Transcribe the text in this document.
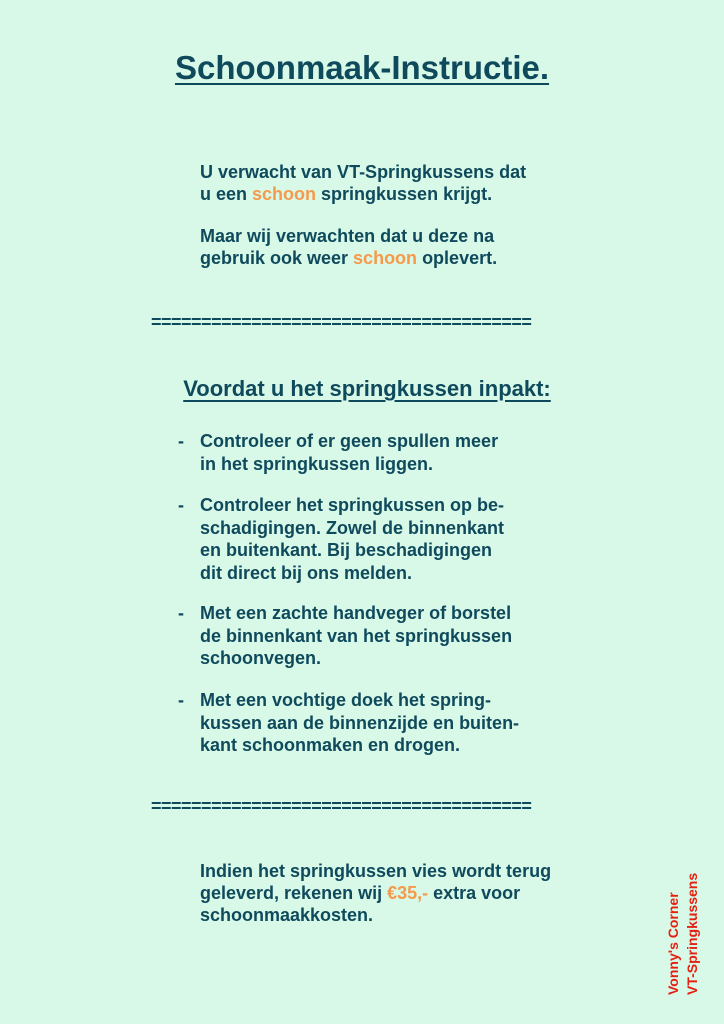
Schoonmaak-Instructie.

U verwacht van VT-Springkussens dat
u een schoon springkussen krijgt.

Maar wij verwachten dat u deze na
gebruik ook weer schoon oplevert.

======================================
Voordat u het springkussen inpakt:
- Controleer of er geen spullen meer
in het springkussen liggen.
- Controleer het springkussen op be-
schadigingen. Zowel de binnenkant
en buitenkant. Bij beschadigingen
dit direct bij ons melden.
- Met een zachte handveger of borstel
de binnenkant van het springkussen
schoonvegen.
- Met een vochtige doek het spring-
kussen aan de binnenzijde en buiten-
kant schoonmaken en drogen.
======================================

Indien het springkussen vies wordt terug
geleverd, rekenen wij €35,- extra voor
schoonmaakkosten.	Vonny's Corner VT-Springkussens
